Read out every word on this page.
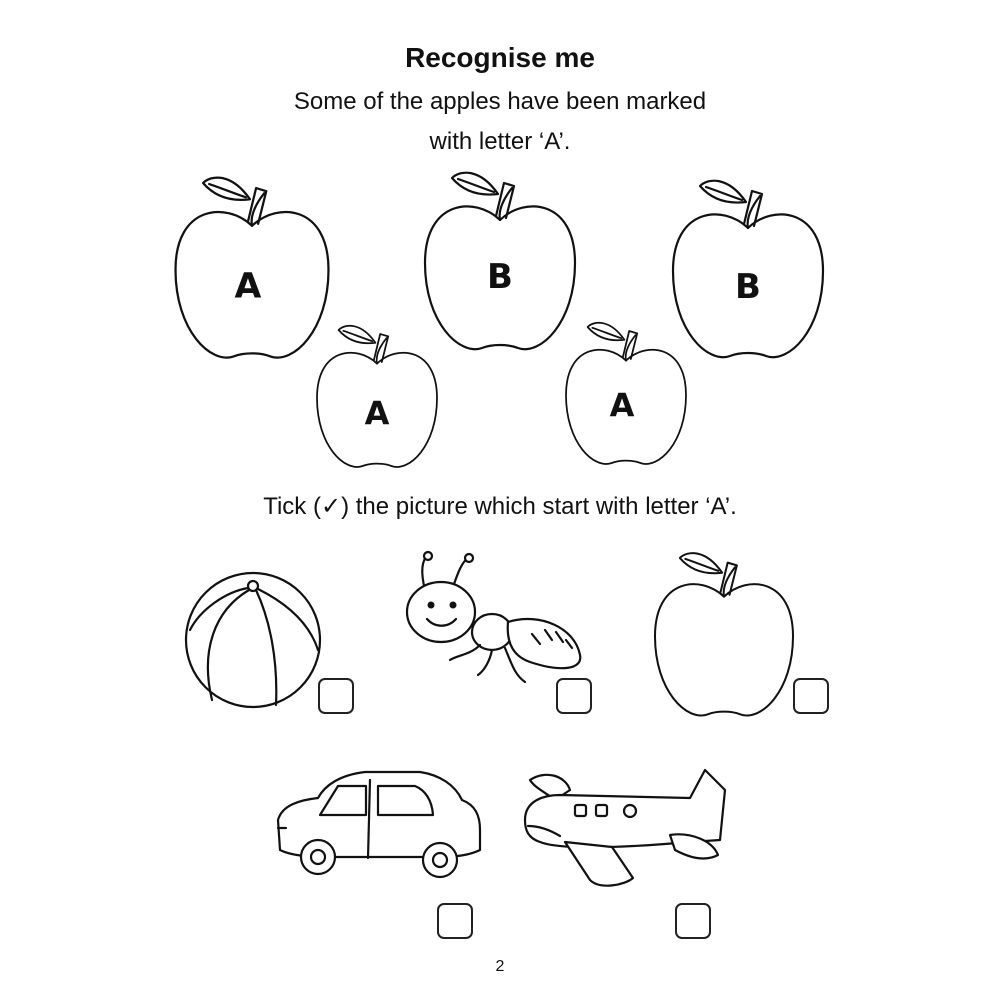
Recognise me
Some of the apples have been marked
with letter ‘A’.
A	B	B
A	A
Tick (✓) the picture which start with letter ‘A’.
2
